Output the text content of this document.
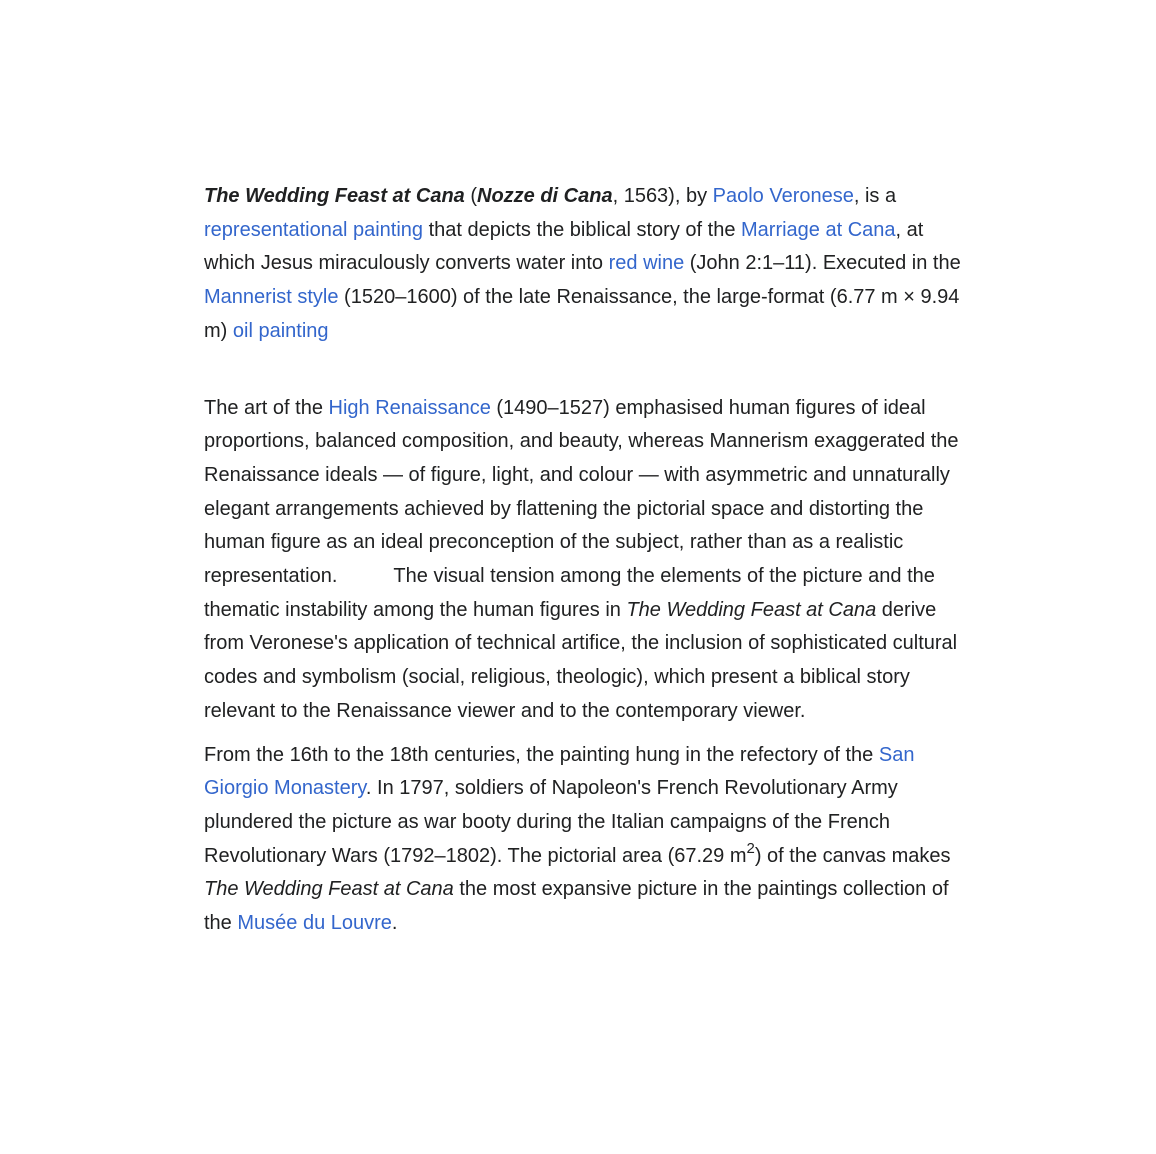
The Wedding Feast at Cana (Nozze di Cana, 1563), by Paolo Veronese, is a representational painting that depicts the biblical story of the Marriage at Cana, at which Jesus miraculously converts water into red wine (John 2:1–11). Executed in the Mannerist style (1520–1600) of the late Renaissance, the large-format (6.77 m × 9.94 m) oil painting

The art of the High Renaissance (1490–1527) emphasised human figures of ideal proportions, balanced composition, and beauty, whereas Mannerism exaggerated the Renaissance ideals — of figure, light, and colour — with asymmetric and unnaturally elegant arrangements achieved by flattening the pictorial space and distorting the human figure as an ideal preconception of the subject, rather than as a realistic representation.	The visual tension among the elements of the picture and the thematic instability among the human figures in The Wedding Feast at Cana derive from Veronese's application of technical artifice, the inclusion of sophisticated cultural codes and symbolism (social, religious, theologic), which present a biblical story relevant to the Renaissance viewer and to the contemporary viewer.

From the 16th to the 18th centuries, the painting hung in the refectory of the San Giorgio Monastery. In 1797, soldiers of Napoleon's French Revolutionary Army plundered the picture as war booty during the Italian campaigns of the French Revolutionary Wars (1792–1802). The pictorial area (67.29 $m^2$) of the canvas makes The Wedding Feast at Cana the most expansive picture in the paintings collection of the Musée du Louvre.
